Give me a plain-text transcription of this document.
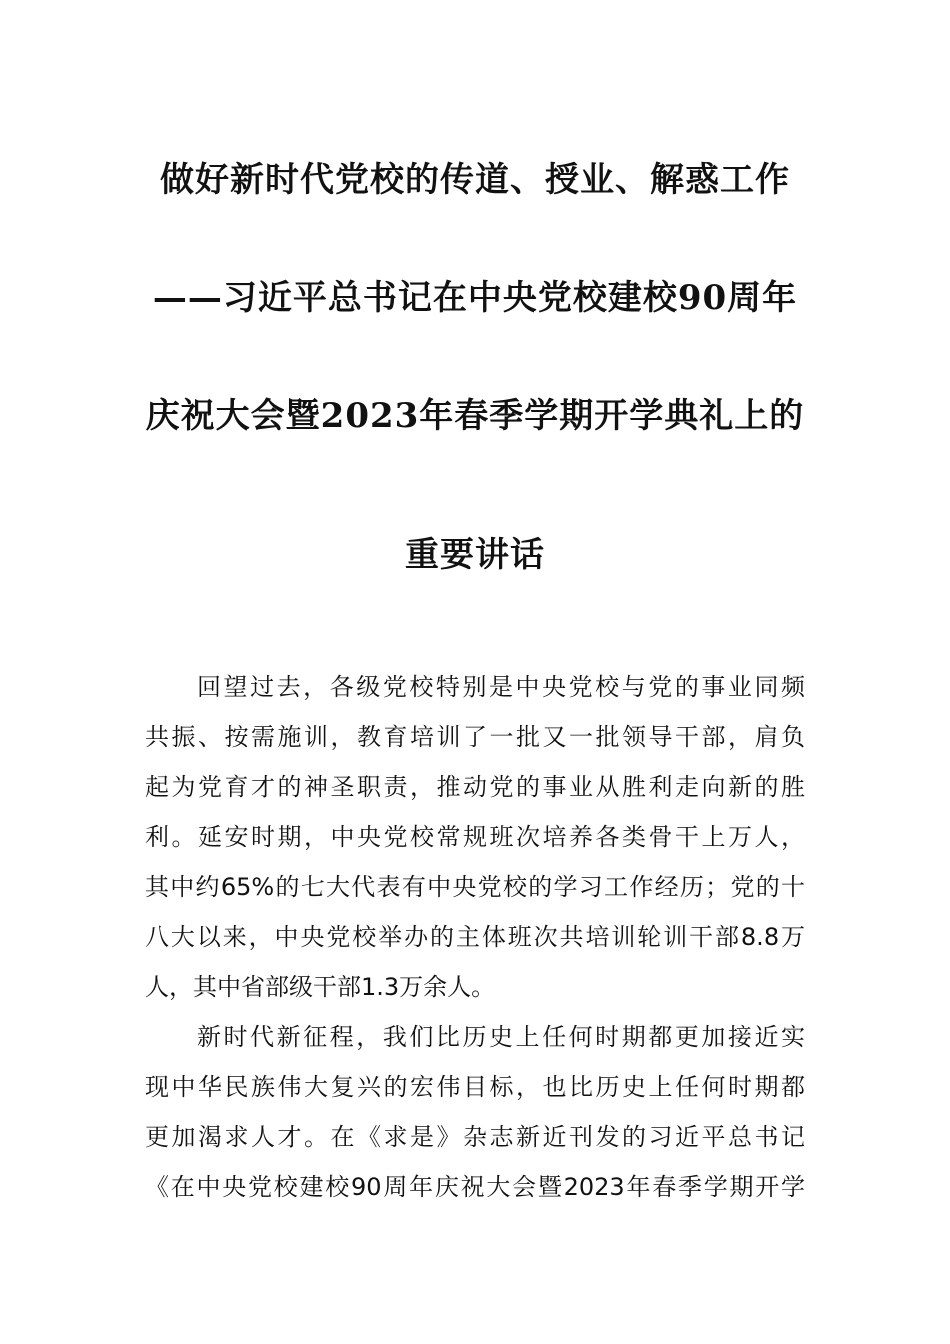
做好新时代党校的传道、授业、解惑工作
——习近平总书记在中央党校建校90周年
庆祝大会暨2023年春季学期开学典礼上的
重要讲话
回望过去，各级党校特别是中央党校与党的事业同频
共振、按需施训，教育培训了一批又一批领导干部，肩负
起为党育才的神圣职责，推动党的事业从胜利走向新的胜
利。延安时期，中央党校常规班次培养各类骨干上万人，
其中约65%的七大代表有中央党校的学习工作经历；党的十
八大以来，中央党校举办的主体班次共培训轮训干部8.8万
人，其中省部级干部1.3万余人。
新时代新征程，我们比历史上任何时期都更加接近实
现中华民族伟大复兴的宏伟目标，也比历史上任何时期都
更加渴求人才。在《求是》杂志新近刊发的习近平总书记
《在中央党校建校90周年庆祝大会暨2023年春季学期开学
